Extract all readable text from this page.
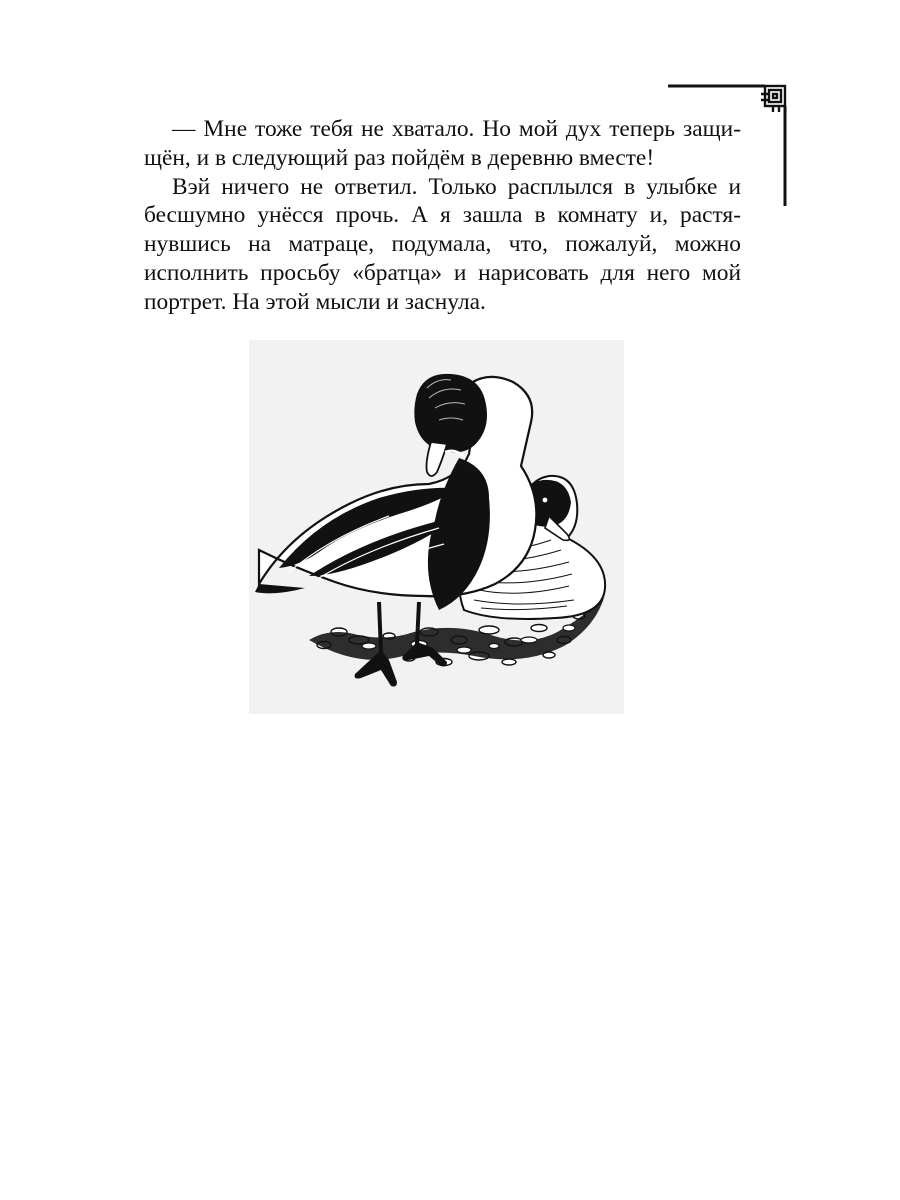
— Мне тоже тебя не хватало. Но мой дух теперь защищён, и в следующий раз пойдём в деревню вместе!

Вэй ничего не ответил. Только расплылся в улыбке и бесшумно унёсся прочь. А я зашла в комнату и, растянувшись на матраце, подумала, что, пожалуй, можно исполнить просьбу «братца» и нарисовать для него мой портрет. На этой мысли и заснула.
